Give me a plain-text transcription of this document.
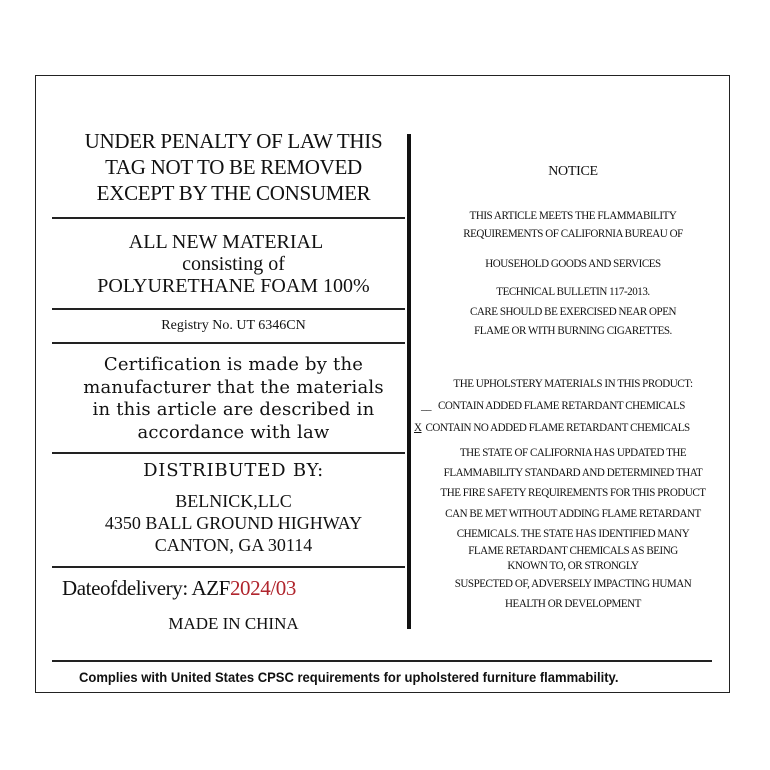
UNDER PENALTY OF LAW THIS
TAG NOT TO BE REMOVED
EXCEPT BY THE CONSUMER
ALL NEW MATERIAL
consisting of
POLYURETHANE FOAM 100%
Registry No. UT 6346CN
Certification is made by the
manufacturer that the materials
in this article are described in
accordance with law
DISTRIBUTED BY:
BELNICK,LLC
4350 BALL GROUND HIGHWAY
CANTON, GA 30114
Dateofdelivery: AZF2024/03
MADE IN CHINA
NOTICE
THIS ARTICLE MEETS THE FLAMMABILITY
REQUIREMENTS OF CALIFORNIA BUREAU OF
HOUSEHOLD GOODS AND SERVICES
TECHNICAL BULLETIN 117-2013.
CARE SHOULD BE EXERCISED NEAR OPEN
FLAME OR WITH BURNING CIGARETTES.
THE UPHOLSTERY MATERIALS IN THIS PRODUCT:
__ CONTAIN ADDED FLAME RETARDANT CHEMICALS
X CONTAIN NO ADDED FLAME RETARDANT CHEMICALS
THE STATE OF CALIFORNIA HAS UPDATED THE
FLAMMABILITY STANDARD AND DETERMINED THAT
THE FIRE SAFETY REQUIREMENTS FOR THIS PRODUCT
CAN BE MET WITHOUT ADDING FLAME RETARDANT
CHEMICALS. THE STATE HAS IDENTIFIED MANY
FLAME RETARDANT CHEMICALS AS BEING
KNOWN TO, OR STRONGLY
SUSPECTED OF, ADVERSELY IMPACTING HUMAN
HEALTH OR DEVELOPMENT
Complies with United States CPSC requirements for upholstered furniture flammability.
